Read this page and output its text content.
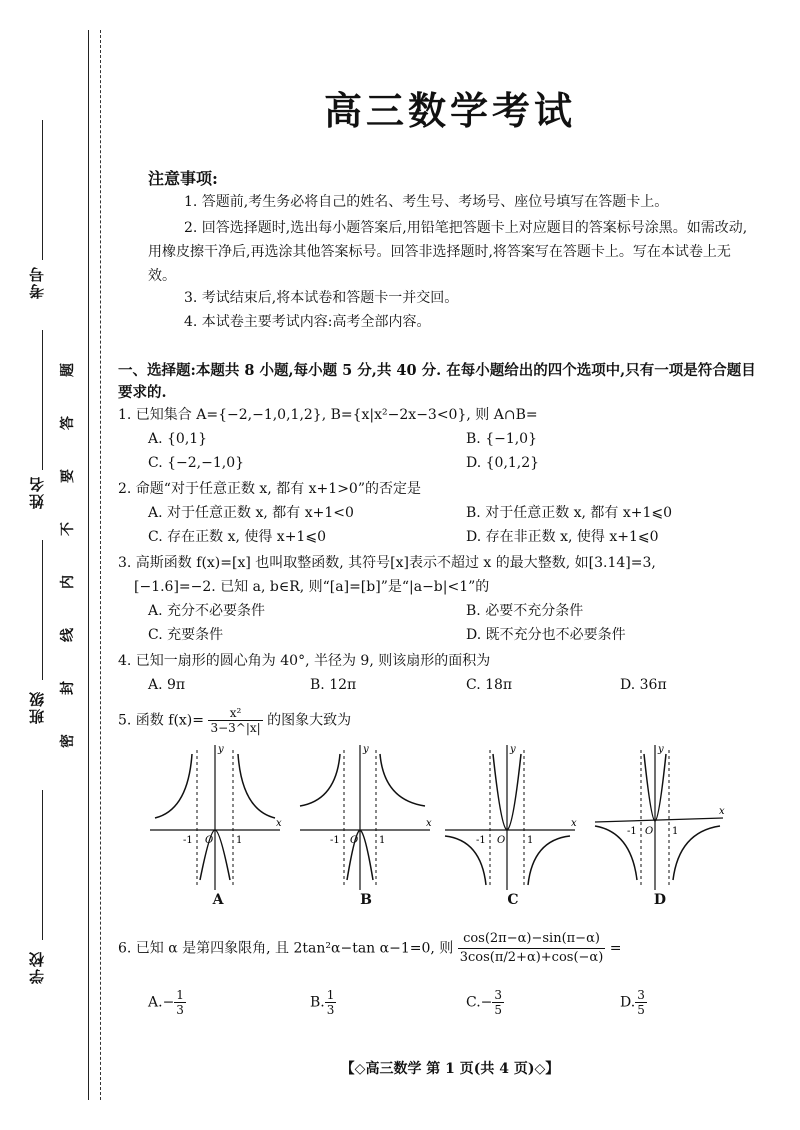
考号
姓名
班级
学校
题
答
要
不
内
线
封
密
高三数学考试
注意事项:
1. 答题前,考生务必将自己的姓名、考生号、考场号、座位号填写在答题卡上。
2. 回答选择题时,选出每小题答案后,用铅笔把答题卡上对应题目的答案标号涂黑。如需改动,用橡皮擦干净后,再选涂其他答案标号。回答非选择题时,将答案写在答题卡上。写在本试卷上无效。
3. 考试结束后,将本试卷和答题卡一并交回。
4. 本试卷主要考试内容:高考全部内容。
一、选择题:本题共 8 小题,每小题 5 分,共 40 分. 在每小题给出的四个选项中,只有一项是符合题目要求的.
1. 已知集合 A={−2,−1,0,1,2}, B={x|x²−2x−3<0}, 则 A∩B=
A. {0,1}	B. {−1,0}
C. {−2,−1,0}	D. {0,1,2}
2. 命题“对于任意正数 x, 都有 x+1>0”的否定是
A. 对于任意正数 x, 都有 x+1<0	B. 对于任意正数 x, 都有 x+1⩽0
C. 存在正数 x, 使得 x+1⩽0	D. 存在非正数 x, 使得 x+1⩽0
3. 高斯函数 f(x)=[x] 也叫取整函数, 其符号[x]表示不超过 x 的最大整数, 如[3.14]=3,
[−1.6]=−2. 已知 a, b∈R, 则“[a]=[b]”是“|a−b|<1”的
A. 充分不必要条件	B. 必要不充分条件
C. 充要条件	D. 既不充分也不必要条件
4. 已知一扇形的圆心角为 40°, 半径为 9, 则该扇形的面积为
A. 9π	B. 12π	C. 18π	D. 36π
5. 函数 $f(x)= \frac{\text{x²}}{3-3\^{}|x|}$ 的图象大致为
x
y
-1 O 1
A
x
y
-1 O 1
B
x
y
-1 O 1
C
x
y
-1 O 1
D
6. 已知 α 是第四象限角, 且 2tan²α−tan α−1=0, 则 $\frac{\cos(2\pi-\alpha)-\sin(\pi-\alpha)}{3\cos(\pi/2+\alpha)+\cos(-\alpha)}$ =
$A.- \frac{1}{3}$	B. $\frac{1}{3}$	$C.- \frac{3}{5}$	D. $\frac{3}{5}$
【◇高三数学 第 1 页(共 4 页)◇】
